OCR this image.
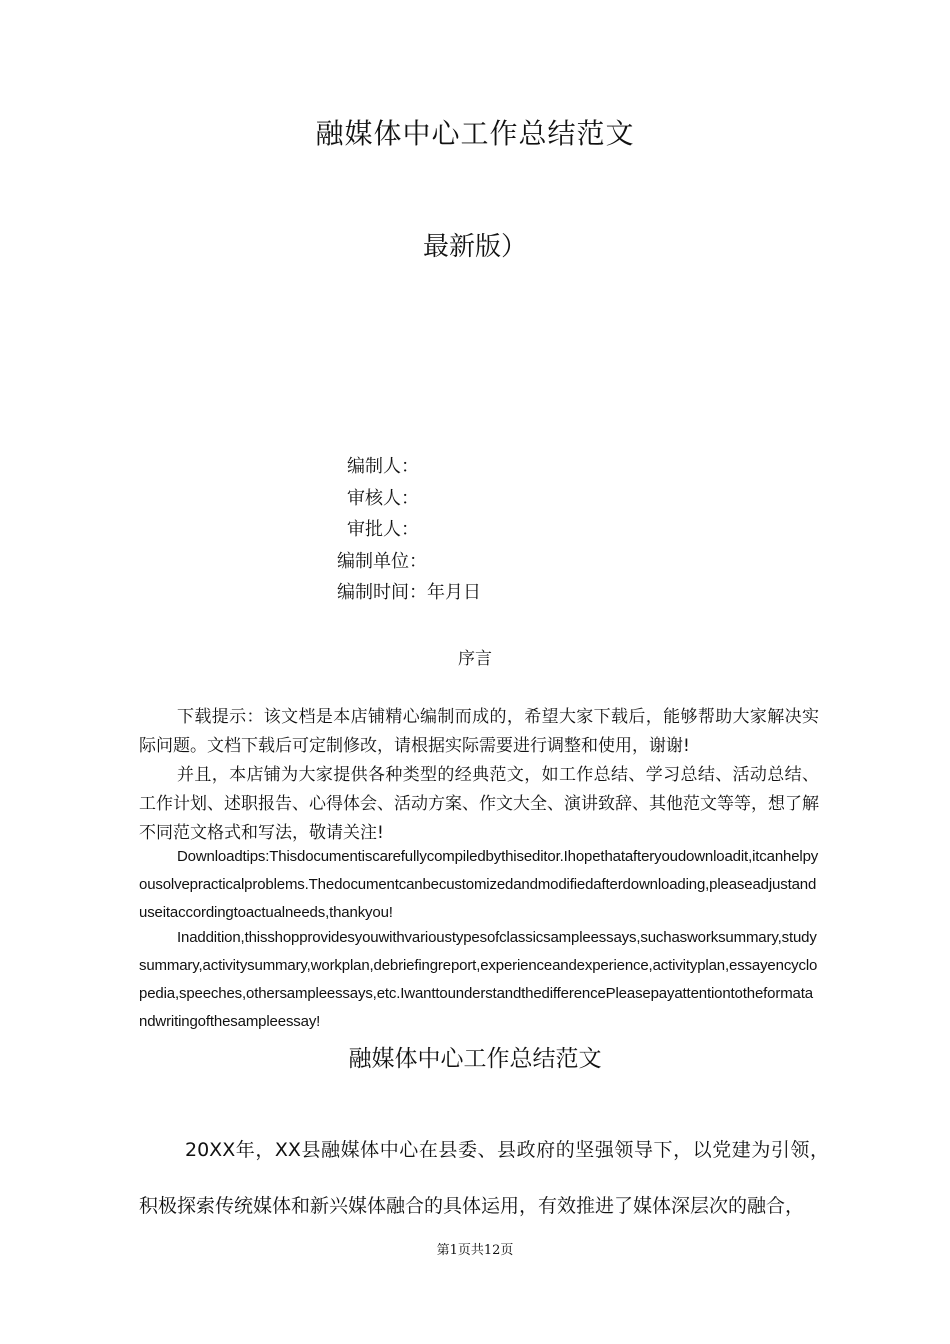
融媒体中心工作总结范文
最新版）
编制人：
审核人：
审批人：
编制单位：
编制时间：年月日
序言
下载提示：该文档是本店铺精心编制而成的，希望大家下载后，能够帮助大家解决实际问题。文档下载后可定制修改，请根据实际需要进行调整和使用，谢谢!
并且，本店铺为大家提供各种类型的经典范文，如工作总结、学习总结、活动总结、工作计划、述职报告、心得体会、活动方案、作文大全、演讲致辞、其他范文等等，想了解不同范文格式和写法，敬请关注!
Downloadtips:Thisdocumentiscarefullycompiledbythiseditor.Ihopethatafteryoudownloadit,itcanhelpyousolvepracticalproblems.Thedocumentcanbecustomizedandmodifiedafterdownloading,pleaseadjustanduseitaccordingtoactualneeds,thankyou!
Inaddition,thisshopprovidesyouwithvarioustypesofclassicsampleessays,suchasworksummary,studysummary,activitysummary,workplan,debriefingreport,experienceandexperience,activityplan,essayencyclopedia,speeches,othersampleessays,etc.IwanttounderstandthedifferencePleasepayattentiontotheformatandwritingofthesampleessay!
融媒体中心工作总结范文
20XX年，XX县融媒体中心在县委、县政府的坚强领导下，以党建为引领，积极探索传统媒体和新兴媒体融合的具体运用，有效推进了媒体深层次的融合，
第1页共12页
